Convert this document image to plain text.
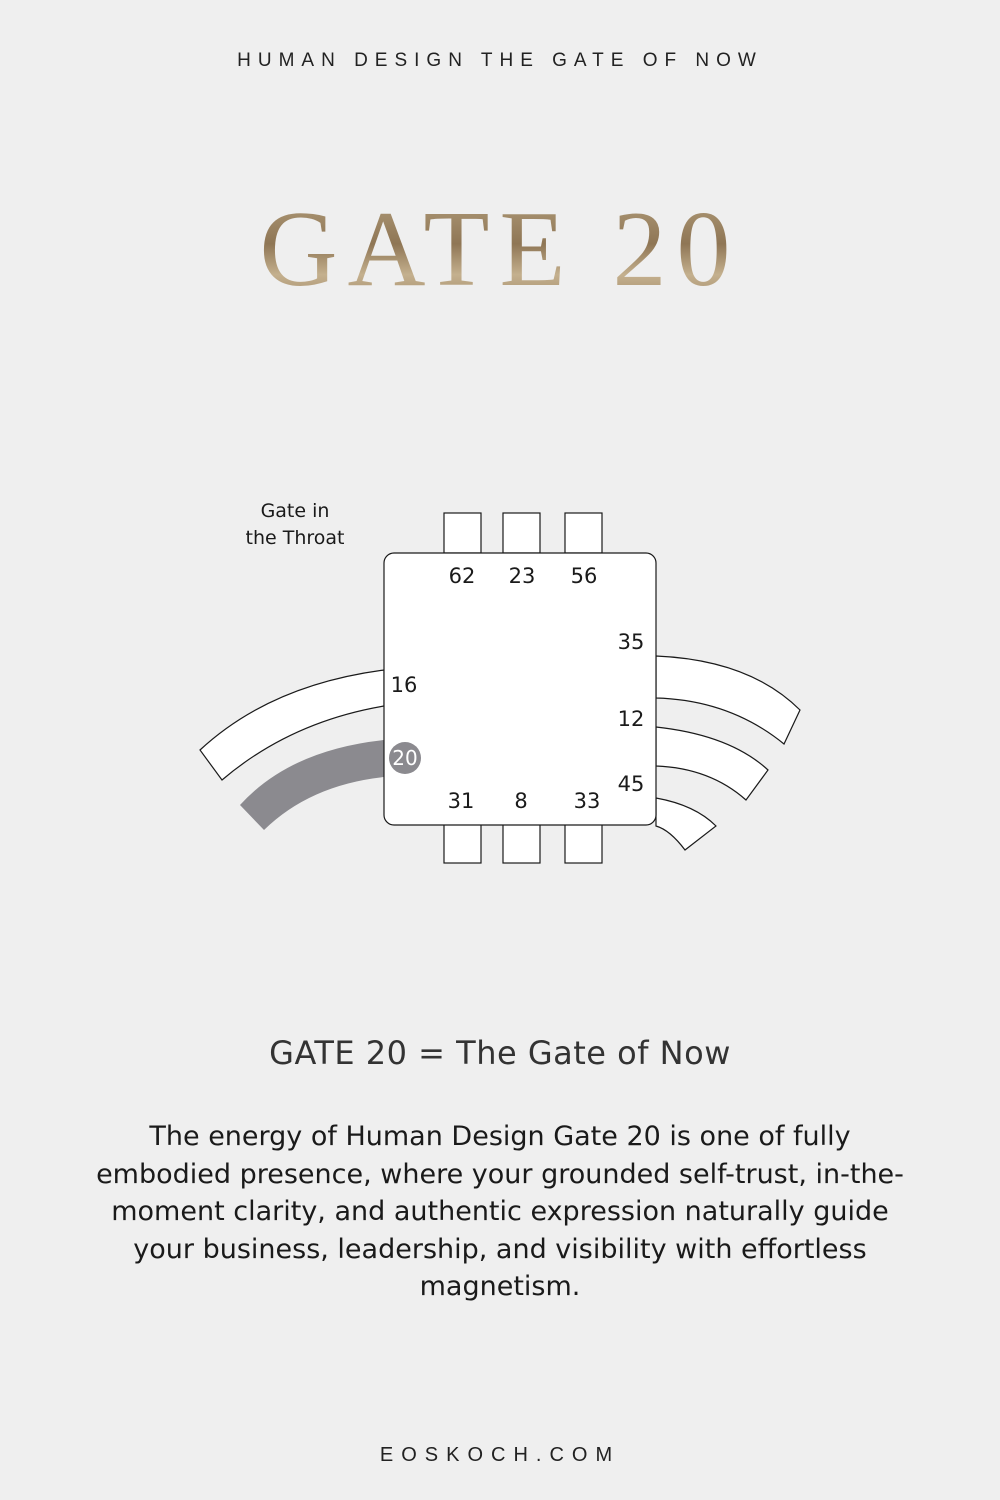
HUMAN DESIGN THE GATE OF NOW
GATE 20
Gate in
the Throat
62 23 56
16
20
35
12
45
31 8 33
GATE 20 = The Gate of Now
The energy of Human Design Gate 20 is one of fully embodied presence, where your grounded self-trust, in-the-moment clarity, and authentic expression naturally guide your business, leadership, and visibility with effortless magnetism.
EOSKOCH.COM
